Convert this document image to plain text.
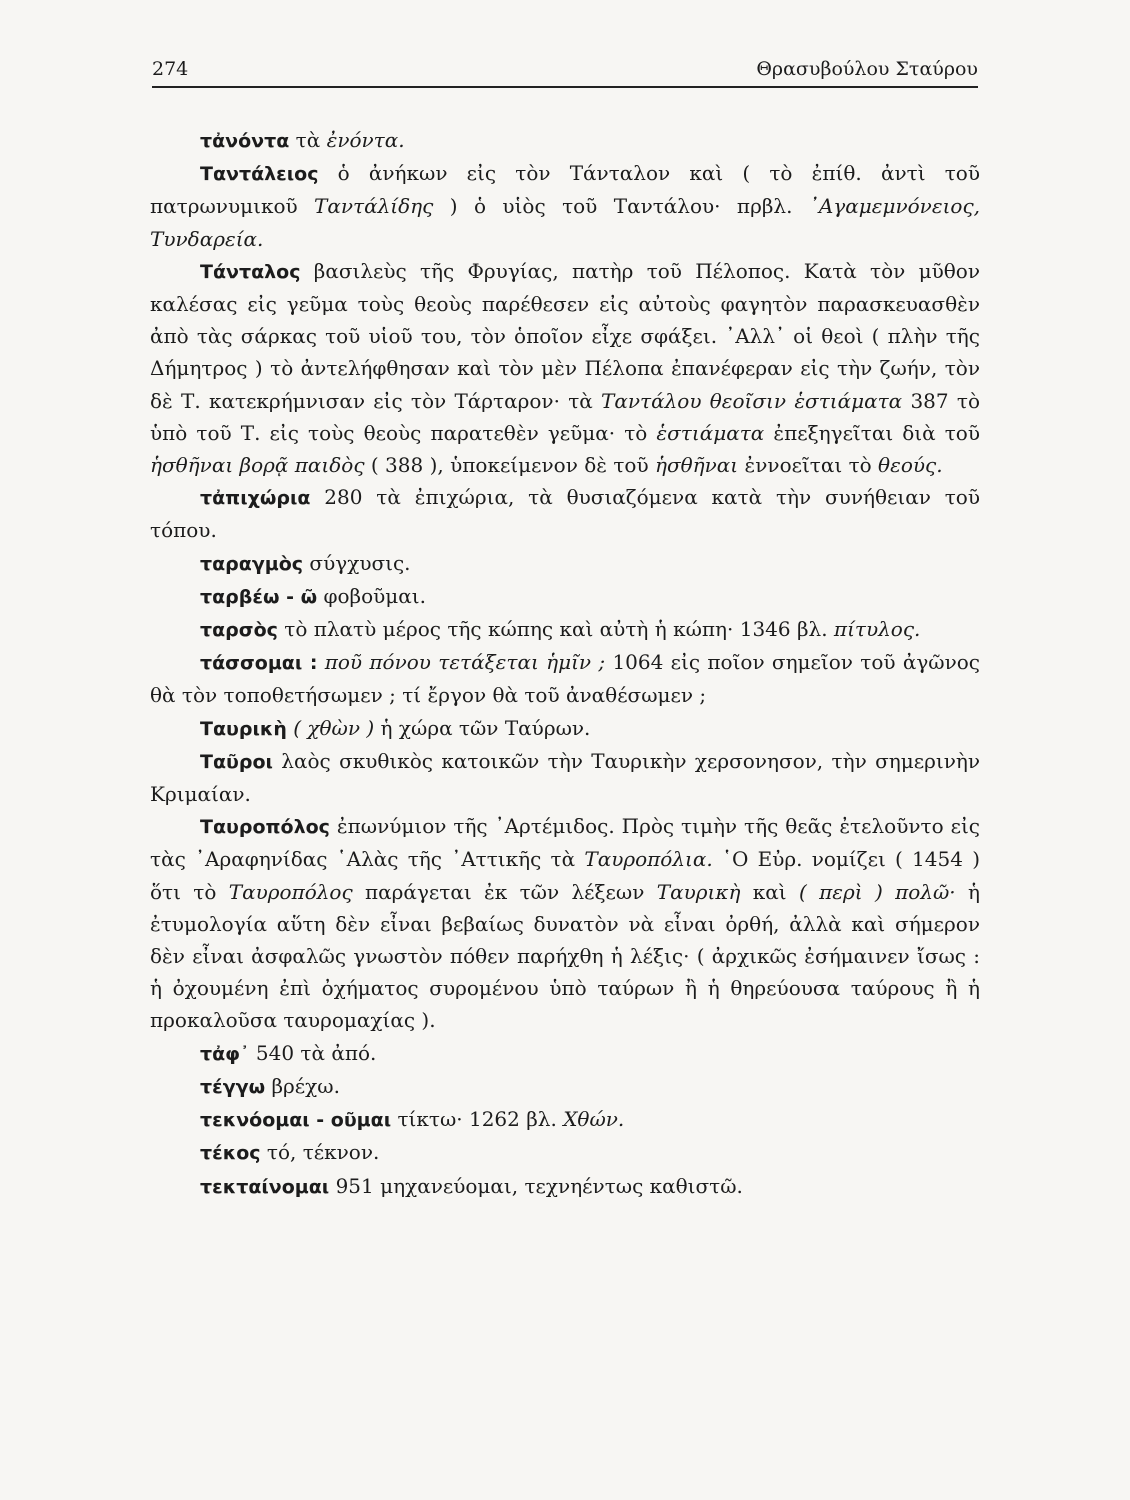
274	Θρασυβούλου Σταύρου

τἀνόντα τὰ ἐνόντα.

Ταντάλειος ὁ ἀνήκων εἰς τὸν Τάνταλον καὶ ( τὸ ἐπίθ. ἀντὶ τοῦ πατρωνυμικοῦ Ταντάλίδης ) ὁ υἱὸς τοῦ Ταντάλου· πρβλ. ᾿Αγαμεμνόνειος, Τυνδαρεία.

Τάνταλος βασιλεὺς τῆς Φρυγίας, πατὴρ τοῦ Πέλοπος. Κατὰ τὸν μῦθον καλέσας εἰς γεῦμα τοὺς θεοὺς παρέθεσεν εἰς αὐτοὺς φαγητὸν παρασκευασθὲν ἀπὸ τὰς σάρκας τοῦ υἱοῦ του, τὸν ὁποῖον εἶχε σφάξει. ᾿Αλλ᾽ οἱ θεοὶ ( πλὴν τῆς Δήμητρος ) τὸ ἀντελήφθησαν καὶ τὸν μὲν Πέλοπα ἐπανέφεραν εἰς τὴν ζωήν, τὸν δὲ Τ. κατεκρήμνισαν εἰς τὸν Τάρταρον· τὰ Ταντάλου θεοῖσιν ἑστιάματα 387 τὸ ὑπὸ τοῦ Τ. εἰς τοὺς θεοὺς παρατεθὲν γεῦμα· τὸ ἑστιάματα ἐπεξηγεῖται διὰ τοῦ ἡσθῆναι βορᾷ παιδὸς ( 388 ), ὑποκείμενον δὲ τοῦ ἡσθῆναι ἐννοεῖται τὸ θεούς.

τἀπιχώρια 280 τὰ ἐπιχώρια, τὰ θυσιαζόμενα κατὰ τὴν συνήθειαν τοῦ τόπου.

ταραγμὸς σύγχυσις.

ταρβέω - ῶ φοβοῦμαι.

ταρσὸς τὸ πλατὺ μέρος τῆς κώπης καὶ αὐτὴ ἡ κώπη· 1346 βλ. πίτυλος.

τάσσομαι : ποῦ πόνου τετάξεται ἡμῖν ; 1064 εἰς ποῖον σημεῖον τοῦ ἀγῶνος θὰ τὸν τοποθετήσωμεν ; τί ἔργον θὰ τοῦ ἀναθέσωμεν ;

Ταυρικὴ ( χθὼν ) ἡ χώρα τῶν Ταύρων.

Ταῦροι λαὸς σκυθικὸς κατοικῶν τὴν Ταυρικὴν χερσονησον, τὴν σημερινὴν Κριμαίαν.

Ταυροπόλος ἐπωνύμιον τῆς ᾿Αρτέμιδος. Πρὸς τιμὴν τῆς θεᾶς ἐτελοῦντο εἰς τὰς ᾿Αραφηνίδας ῾Αλὰς τῆς ᾿Αττικῆς τὰ Ταυροπόλια. ῾Ο Εὐρ. νομίζει ( 1454 ) ὅτι τὸ Ταυροπόλος παράγεται ἐκ τῶν λέξεων Ταυρικὴ καὶ ( περὶ ) πολῶ· ἡ ἐτυμολογία αὕτη δὲν εἶναι βεβαίως δυνατὸν νὰ εἶναι ὀρθή, ἀλλὰ καὶ σήμερον δὲν εἶναι ἀσφαλῶς γνωστὸν πόθεν παρήχθη ἡ λέξις· ( ἀρχικῶς ἐσήμαινεν ἴσως : ἡ ὀχουμένη ἐπὶ ὀχήματος συρομένου ὑπὸ ταύρων ἢ ἡ θηρεύουσα ταύρους ἢ ἡ προκαλοῦσα ταυρομαχίας ).

τἀφ᾽ 540 τὰ ἀπό.

τέγγω βρέχω.

τεκνόομαι - οῦμαι τίκτω· 1262 βλ. Χθών.

τέκος τό, τέκνον.

τεκταίνομαι 951 μηχανεύομαι, τεχνηέντως καθιστῶ.
